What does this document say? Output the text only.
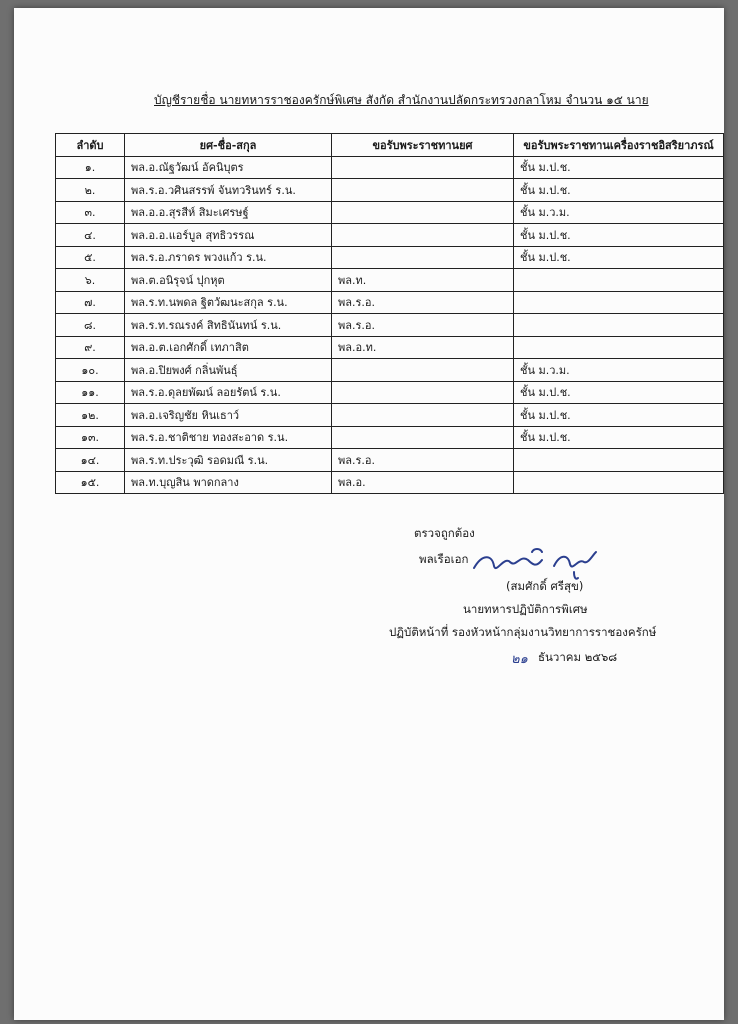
บัญชีรายชื่อ นายทหารราชองครักษ์พิเศษ สังกัด สำนักงานปลัดกระทรวงกลาโหม จำนวน ๑๕ นาย
ลำดับ	ยศ-ชื่อ-สกุล	ขอรับพระราชทานยศ	ขอรับพระราชทานเครื่องราชอิสริยาภรณ์
๑.	พล.อ.ณัฐวัฒน์ อัคนิบุตร		ชั้น ม.ป.ช.
๒.	พล.ร.อ.วศินสรรพ์ จันทวรินทร์ ร.น.		ชั้น ม.ป.ช.
๓.	พล.อ.อ.สุรสีห์ สิมะเศรษฐ์		ชั้น ม.ว.ม.
๔.	พล.อ.อ.แอร์บูล สุทธิวรรณ		ชั้น ม.ป.ช.
๕.	พล.ร.อ.ภราดร พวงแก้ว ร.น.		ชั้น ม.ป.ช.
๖.	พล.ต.อนิรุจน์ ปุกหุต	พล.ท.	
๗.	พล.ร.ท.นพดล ฐิตวัฒนะสกุล ร.น.	พล.ร.อ.	
๘.	พล.ร.ท.รณรงค์ สิทธินันทน์ ร.น.	พล.ร.อ.	
๙.	พล.อ.ต.เอกศักดิ์ เทภาสิต	พล.อ.ท.	
๑๐.	พล.อ.ปิยพงศ์ กลิ่นพันธุ์		ชั้น ม.ว.ม.
๑๑.	พล.ร.อ.ดุลยพัฒน์ ลอยรัตน์ ร.น.		ชั้น ม.ป.ช.
๑๒.	พล.อ.เจริญชัย หินเธาว์		ชั้น ม.ป.ช.
๑๓.	พล.ร.อ.ชาติชาย ทองสะอาด ร.น.		ชั้น ม.ป.ช.
๑๔.	พล.ร.ท.ประวุฒิ รอดมณี ร.น.	พล.ร.อ.	
๑๕.	พล.ท.บุญสิน พาดกลาง	พล.อ.	
ตรวจถูกต้อง
พลเรือเอก
(สมศักดิ์ ศรีสุข)
นายทหารปฏิบัติการพิเศษ
ปฏิบัติหน้าที่ รองหัวหน้ากลุ่มงานวิทยาการราชองครักษ์
๒๑ ธันวาคม ๒๕๖๘
